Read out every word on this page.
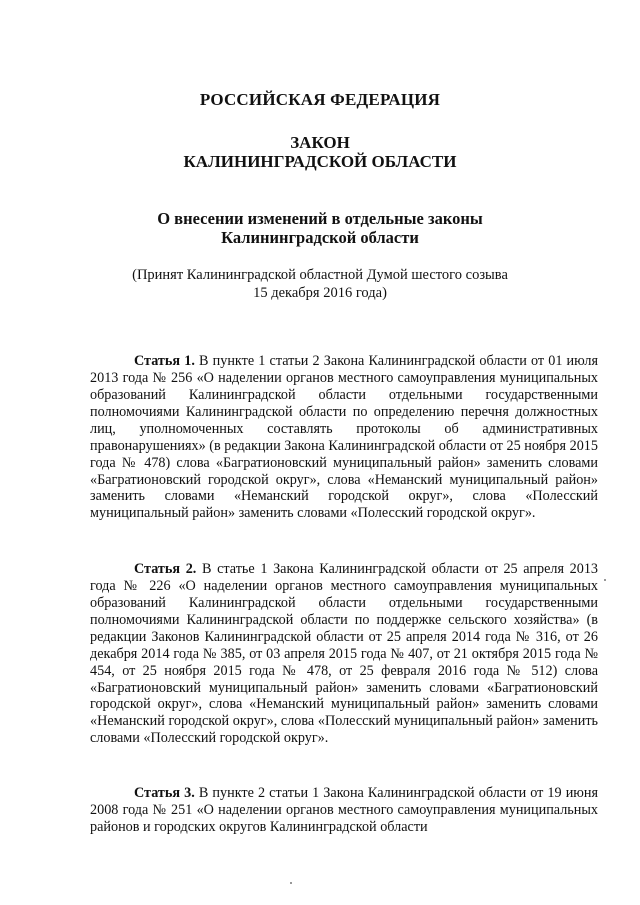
РОССИЙСКАЯ ФЕДЕРАЦИЯ
ЗАКОН
КАЛИНИНГРАДСКОЙ ОБЛАСТИ
О внесении изменений в отдельные законы
Калининградской области
(Принят Калининградской областной Думой шестого созыва
15 декабря 2016 года)

Статья 1. В пункте 1 статьи 2 Закона Калининградской области от 01 июля 2013 года № 256 «О наделении органов местного самоуправления муниципальных образований Калининградской области отдельными государственными полномочиями Калининградской области по определению перечня должностных лиц, уполномоченных составлять протоколы об административных правонарушениях» (в редакции Закона Калининградской области от 25 ноября 2015 года № 478) слова «Багратионовский муниципальный район» заменить словами «Багратионовский городской округ», слова «Неманский муниципальный район» заменить словами «Неманский городской округ», слова «Полесский муниципальный район» заменить словами «Полесский городской округ».

Статья 2. В статье 1 Закона Калининградской области от 25 апреля 2013 года № 226 «О наделении органов местного самоуправления муниципальных образований Калининградской области отдельными государственными полномочиями Калининградской области по поддержке сельского хозяйства» (в редакции Законов Калининградской области от 25 апреля 2014 года № 316, от 26 декабря 2014 года № 385, от 03 апреля 2015 года № 407, от 21 октября 2015 года № 454, от 25 ноября 2015 года № 478, от 25 февраля 2016 года № 512) слова «Багратионовский муниципальный район» заменить словами «Багратионовский городской округ», слова «Неманский муниципальный район» заменить словами «Неманский городской округ», слова «Полесский муниципальный район» заменить словами «Полесский городской округ».

Статья 3. В пункте 2 статьи 1 Закона Калининградской области от 19 июня 2008 года № 251 «О наделении органов местного самоуправления муниципальных районов и городских округов Калининградской области
